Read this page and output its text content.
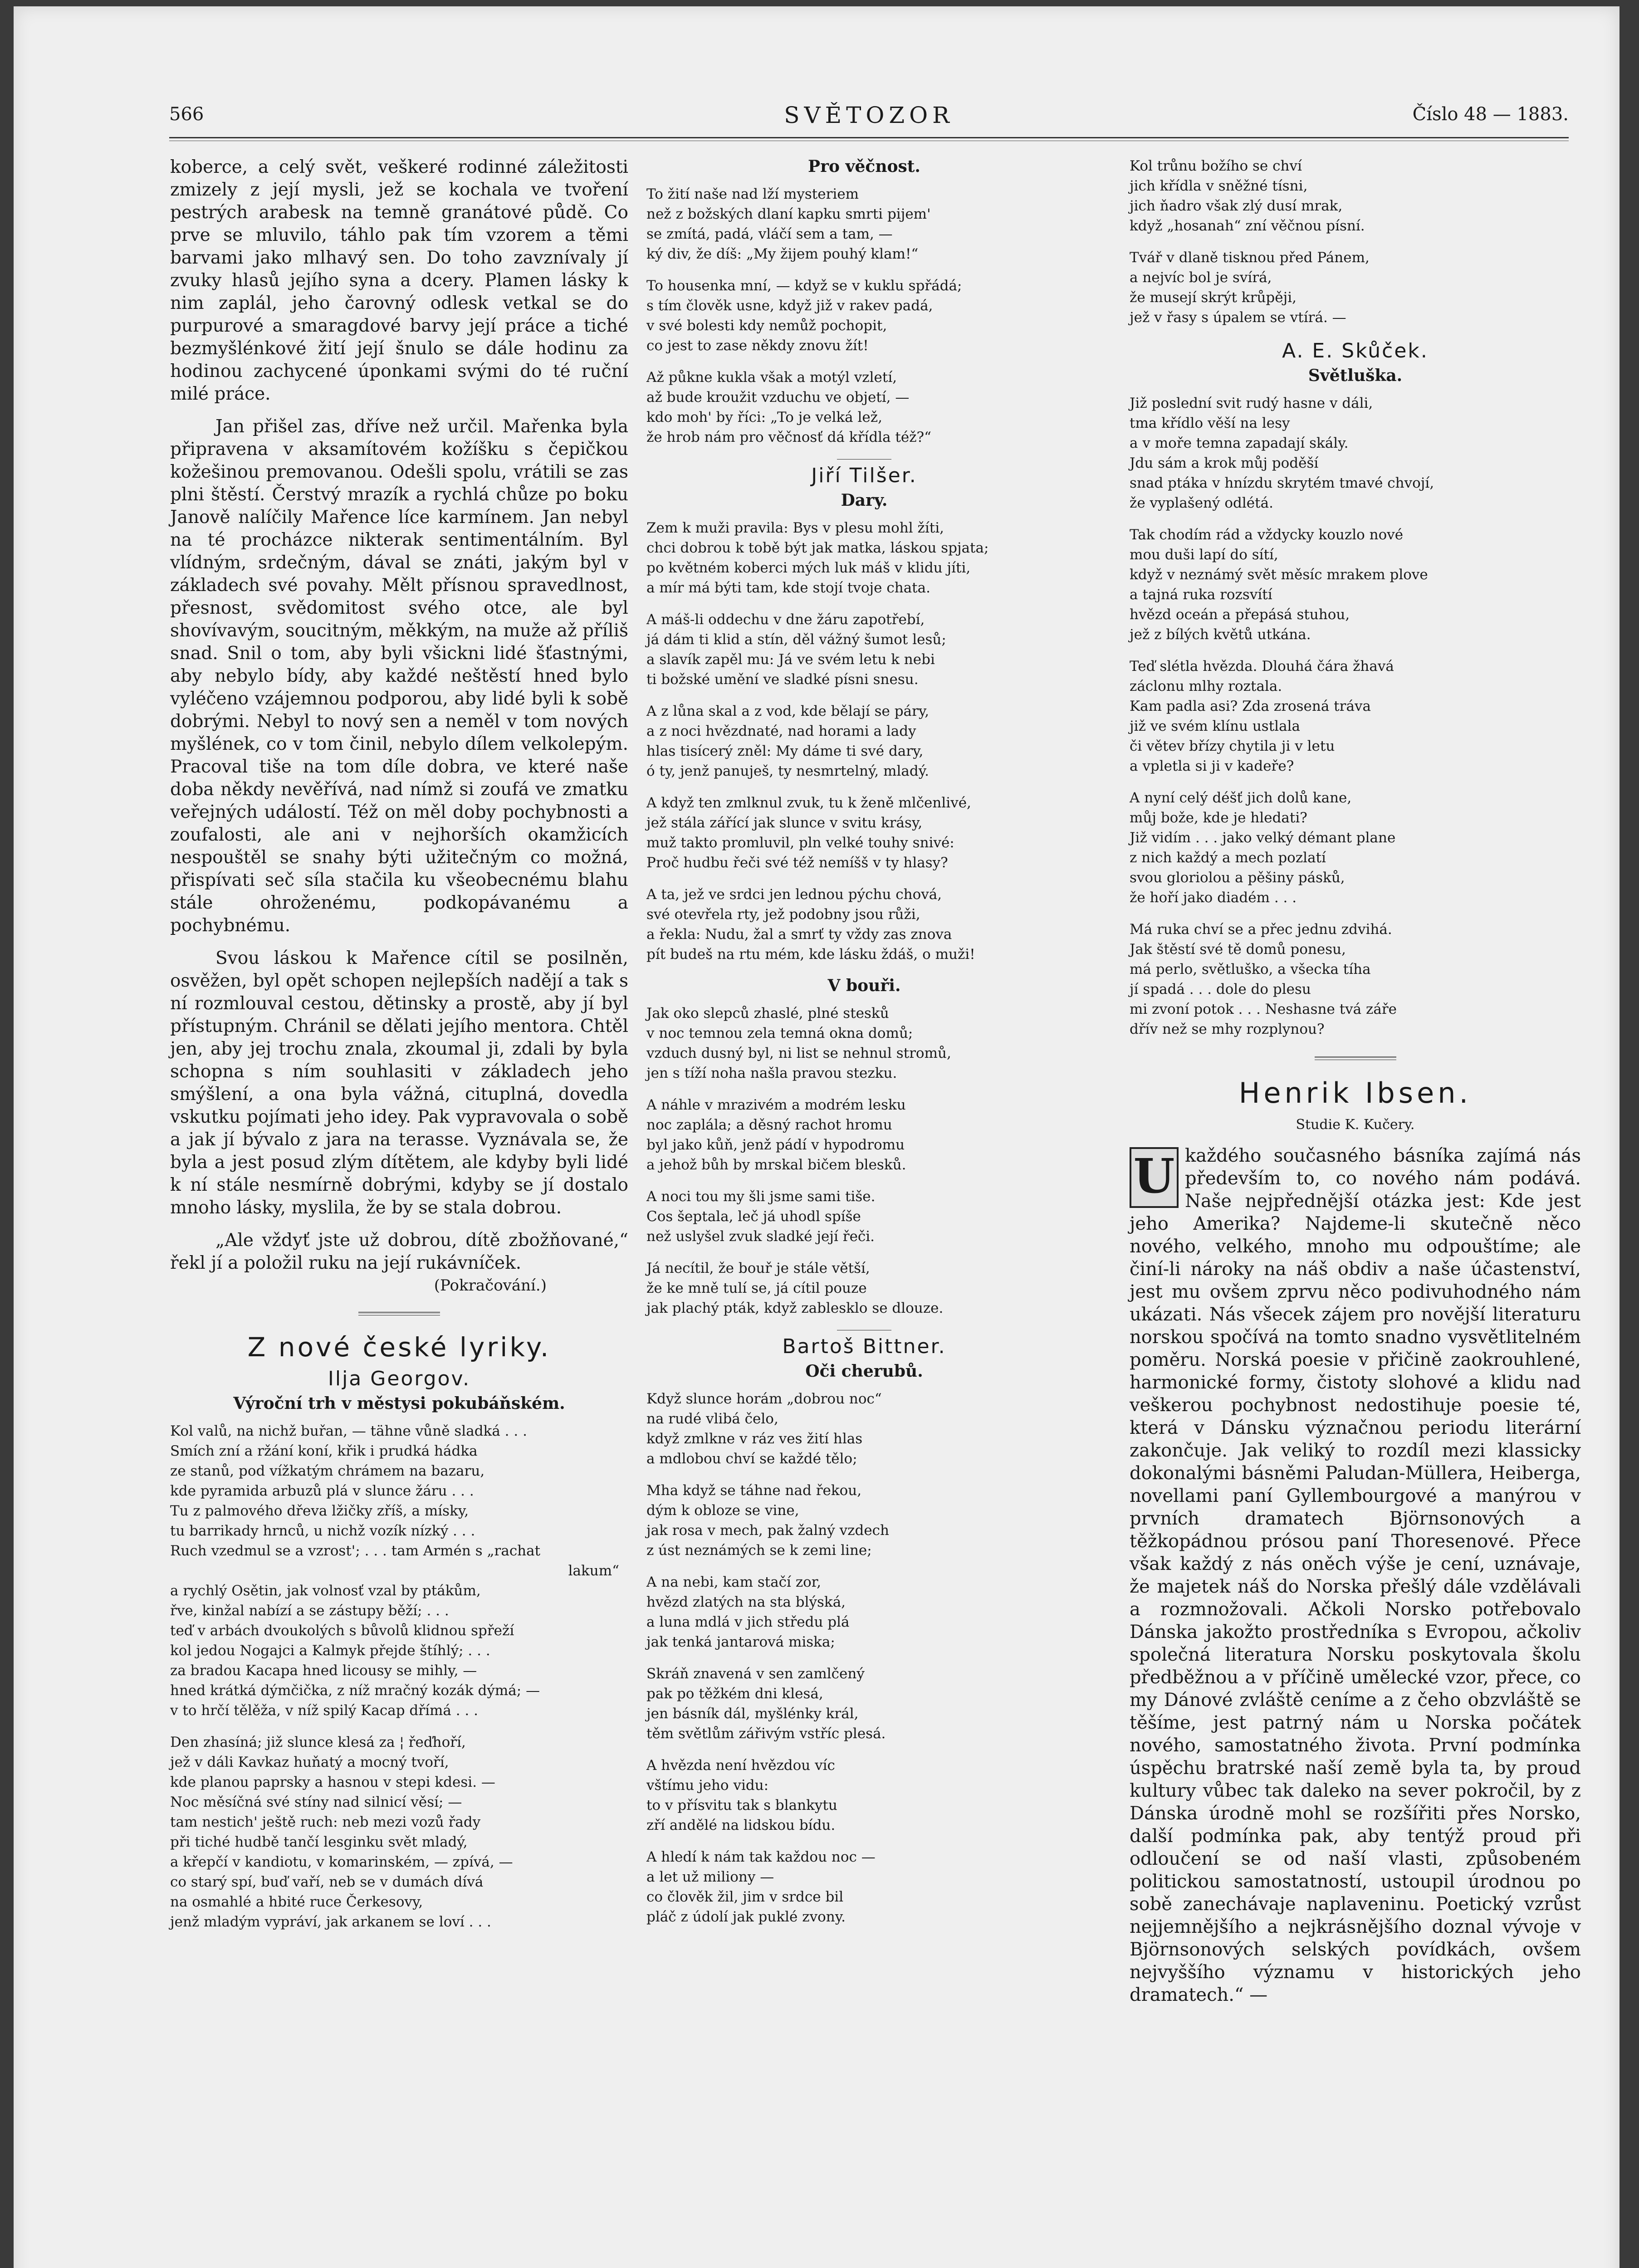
566	SVĚTOZOR	Číslo 48 — 1883.

koberce, a celý svět, veškeré rodinné záležitosti zmizely z její mysli, jež se kochala ve tvoření pestrých arabesk na temně granátové půdě. Co prve se mluvilo, táhlo pak tím vzorem a těmi barvami jako mlhavý sen. Do toho zavznívaly jí zvuky hlasů jejího syna a dcery. Plamen lásky k nim zaplál, jeho čarovný odlesk vetkal se do purpurové a smaragdové barvy její práce a tiché bezmyšlénkové žití její šnulo se dále hodinu za hodinou zachycené úponkami svými do té ruční milé práce.

Jan přišel zas, dříve než určil. Mařenka byla připravena v aksamítovém kožíšku s čepičkou kožešinou premovanou. Odešli spolu, vrátili se zas plni štěstí. Čerstvý mrazík a rychlá chůze po boku Janově nalíčily Mařence líce karmínem. Jan nebyl na té procházce nikterak sentimentálním. Byl vlídným, srdečným, dával se znáti, jakým byl v základech své povahy. Mělt přísnou spravedlnost, přesnost, svědomitost svého otce, ale byl shovívavým, soucitným, měkkým, na muže až příliš snad. Snil o tom, aby byli všickni lidé šťastnými, aby nebylo bídy, aby každé neštěstí hned bylo vyléčeno vzájemnou podporou, aby lidé byli k sobě dobrými. Nebyl to nový sen a neměl v tom nových myšlének, co v tom činil, nebylo dílem velkolepým. Pracoval tiše na tom díle dobra, ve které naše doba někdy nevěřívá, nad nímž si zoufá ve zmatku veřejných událostí. Též on měl doby pochybnosti a zoufalosti, ale ani v nejhorších okamžicích nespouštěl se snahy býti užitečným co možná, přispívati seč síla stačila ku všeobecnému blahu stále ohroženému, podkopávanému a pochybnému.

Svou láskou k Mařence cítil se posilněn, osvěžen, byl opět schopen nejlepších nadějí a tak s ní rozmlouval cestou, dětinsky a prostě, aby jí byl přístupným. Chránil se dělati jejího mentora. Chtěl jen, aby jej trochu znala, zkoumal ji, zdali by byla schopna s ním souhlasiti v základech jeho smýšlení, a ona byla vážná, cituplná, dovedla vskutku pojímati jeho idey. Pak vypravovala o sobě a jak jí bývalo z jara na terasse. Vyznávala se, že byla a jest posud zlým dítětem, ale kdyby byli lidé k ní stále nesmírně dobrými, kdyby se jí dostalo mnoho lásky, myslila, že by se stala dobrou.

„Ale vždyť jste už dobrou, dítě zbožňované,“ řekl jí a položil ruku na její rukávníček.

(Pokračování.)
Z nové české lyriky.
Ilja Georgov.
Výroční trh v městysi pokubáňském.
Kol valů, na nichž buřan, — tähne vůně sladká . . .
Smích zní a ržání koní, křik i prudká hádka
ze stanů, pod vížkatým chrámem na bazaru,
kde pyramida arbuzů plá v slunce žáru . . .
Tu z palmového dřeva lžičky zříš, a mísky,
tu barrikady hrnců, u nichž vozík nízký . . .
Ruch vzedmul se a vzrost'; . . . tam Armén s „rachat
lakum“
a rychlý Osětin, jak volnosť vzal by ptákům,
řve, kinžal nabízí a se zástupy běží; . . .
teď v arbách dvoukolých s bůvolů klidnou spřeží
kol jedou Nogajci a Kalmyk přejde štíhlý; . . .
za bradou Kacapa hned licousy se mihly, —
hned krátká dýmčička, z níž mračný kozák dýmá; —
v to hrčí tělěža, v níž spilý Kacap dřímá . . .
Den zhasíná; již slunce klesá za ¦ řeďhoří,
jež v dáli Kavkaz huňatý a mocný tvoří,
kde planou paprsky a hasnou v stepi kdesi. —
Noc měsíčná své stíny nad silnicí věsí; —
tam nestich' ještě ruch: neb mezi vozů řady
při tiché hudbě tančí lesginku svět mladý,
a křepčí v kandiotu, v komarinském, — zpívá, —
co starý spí, buď vaří, neb se v dumách dívá
na osmahlé a hbité ruce Čerkesovy,
jenž mladým vypráví, jak arkanem se loví . . .
Pro věčnost.
To žití naše nad lží mysteriem
než z božských dlaní kapku smrti pijem'
se zmítá, padá, vláčí sem a tam, —
ký div, že díš: „My žijem pouhý klam!“
To housenka mní, — když se v kuklu spřádá;
s tím člověk usne, když již v rakev padá,
v své bolesti kdy nemůž pochopit,
co jest to zase někdy znovu žít!
Až půkne kukla však a motýl vzletí,
až bude kroužit vzduchu ve objetí, —
kdo moh' by říci: „To je velká lež,
že hrob nám pro věčnosť dá křídla též?“
Jiří Tilšer.
Dary.
Zem k muži pravila: Bys v plesu mohl žíti,
chci dobrou k tobě být jak matka, láskou spjata;
po květném koberci mých luk máš v klidu jíti,
a mír má býti tam, kde stojí tvoje chata.
A máš-li oddechu v dne žáru zapotřebí,
já dám ti klid a stín, děl vážný šumot lesů;
a slavík zapěl mu: Já ve svém letu k nebi
ti božské umění ve sladké písni snesu.
A z lůna skal a z vod, kde bělají se páry,
a z noci hvězdnaté, nad horami a lady
hlas tisícerý zněl: My dáme ti své dary,
ó ty, jenž panuješ, ty nesmrtelný, mladý.
A když ten zmlknul zvuk, tu k ženě mlčenlivé,
jež stála zářící jak slunce v svitu krásy,
muž takto promluvil, pln velké touhy snivé:
Proč hudbu řeči své též nemíšš v ty hlasy?
A ta, jež ve srdci jen lednou pýchu chová,
své otevřela rty, jež podobny jsou růži,
a řekla: Nudu, žal a smrť ty vždy zas znova
pít budeš na rtu mém, kde lásku ždáš, o muži!
V bouři.
Jak oko slepců zhaslé, plné stesků
v noc temnou zela temná okna domů;
vzduch dusný byl, ni list se nehnul stromů,
jen s tíží noha našla pravou stezku.
A náhle v mrazivém a modrém lesku
noc zaplála; a děsný rachot hromu
byl jako kůň, jenž pádí v hypodromu
a jehož bůh by mrskal bičem blesků.
A noci tou my šli jsme sami tiše.
Cos šeptala, leč já uhodl spíše
než uslyšel zvuk sladké její řeči.
Já necítil, že bouř je stále větší,
že ke mně tulí se, já cítil pouze
jak plachý pták, když zablesklo se dlouze.
Bartoš Bittner.
Oči cherubů.
Když slunce horám „dobrou noc“
na rudé vlibá čelo,
když zmlkne v ráz ves žití hlas
a mdlobou chví se každé tělo;
Mha když se táhne nad řekou,
dým k obloze se vine,
jak rosa v mech, pak žalný vzdech
z úst neznámých se k zemi line;
A na nebi, kam stačí zor,
hvězd zlatých na sta blýská,
a luna mdlá v jich středu plá
jak tenká jantarová miska;
Skráň znavená v sen zamlčený
pak po těžkém dni klesá,
jen básník dál, myšlénky král,
těm světlům zářivým vstříc plesá.
A hvězda není hvězdou víc
vštímu jeho vidu:
to v přísvitu tak s blankytu
zří andělé na lidskou bídu.
A hledí k nám tak každou noc —
a let už miliony —
co člověk žil, jim v srdce bil
pláč z údolí jak puklé zvony.
Kol trůnu božího se chví
jich křídla v sněžné tísni,
jich ňadro však zlý dusí mrak,
když „hosanah“ zní věčnou písní.
Tvář v dlaně tisknou před Pánem,
a nejvíc bol je svírá,
že musejí skrýt krůpěji,
jež v řasy s úpalem se vtírá. —
A. E. Skůček.
Světluška.
Již poslední svit rudý hasne v dáli,
tma křídlo věší na lesy
a v moře temna zapadají skály.
Jdu sám a krok můj poděší
snad ptáka v hnízdu skrytém tmavé chvojí,
že vyplašený odlétá.
Tak chodím rád a vždycky kouzlo nové
mou duši lapí do sítí,
když v neznámý svět měsíc mrakem plove
a tajná ruka rozsvítí
hvězd oceán a přepásá stuhou,
jež z bílých květů utkána.
Teď slétla hvězda. Dlouhá čára žhavá
záclonu mlhy roztala.
Kam padla asi? Zda zrosená tráva
již ve svém klínu ustlala
či větev břízy chytila ji v letu
a vpletla si ji v kadeře?
A nyní celý déšť jich dolů kane,
můj bože, kde je hledati?
Již vidím . . . jako velký démant plane
z nich každý a mech pozlatí
svou gloriolou a pěšiny pásků,
že hoří jako diadém . . .
Má ruka chví se a přec jednu zdvihá.
Jak štěstí své tě domů ponesu,
má perlo, světluško, a všecka tíha
jí spadá . . . dole do plesu
mi zvoní potok . . . Neshasne tvá záře
dřív než se mhy rozplynou?
Henrik Ibsen.
Studie K. Kučery.
U každého současného básníka zajímá nás především to, co nového nám podává. Naše nejpřednější otázka jest: Kde jest jeho Amerika? Najdeme-li skutečně něco nového, velkého, mnoho mu odpouštíme; ale činí-li nároky na náš obdiv a naše účastenství, jest mu ovšem zprvu něco podivuhodného nám ukázati. Nás všecek zájem pro novější literaturu norskou spočívá na tomto snadno vysvětlitelném poměru. Norská poesie v přičině zaokrouhlené, harmonické formy, čistoty slohové a klidu nad veškerou pochybnost nedostihuje poesie té, která v Dánsku význačnou periodu literární zakončuje. Jak veliký to rozdíl mezi klassicky dokonalými básněmi Paludan-Müllera, Heiberga, novellami paní Gyllembourgové a manýrou v prvních dramatech Björnsonových a těžkopádnou prósou paní Thoresenové. Přece však každý z nás oněch výše je cení, uznávaje, že majetek náš do Norska přešlý dále vzdělávali a rozmnožovali. Ačkoli Norsko potřebovalo Dánska jakožto prostředníka s Evropou, ačkoliv společná literatura Norsku poskytovala školu předběžnou a v příčině umělecké vzor, přece, co my Dánové zvláště ceníme a z čeho obzvláště se těšíme, jest patrný nám u Norska počátek nového, samostatného života. První podmínka úspěchu bratrské naší země byla ta, by proud kultury vůbec tak daleko na sever pokročil, by z Dánska úrodně mohl se rozšířiti přes Norsko, další podmínka pak, aby tentýž proud při odloučení se od naší vlasti, způsobeném politickou samostatností, ustoupil úrodnou po sobě zanechávaje naplaveninu. Poetický vzrůst nejjemnějšího a nejkrásnějšího doznal vývoje v Björnsonových selských povídkách, ovšem nejvyššího významu v historických jeho dramatech.“ —
